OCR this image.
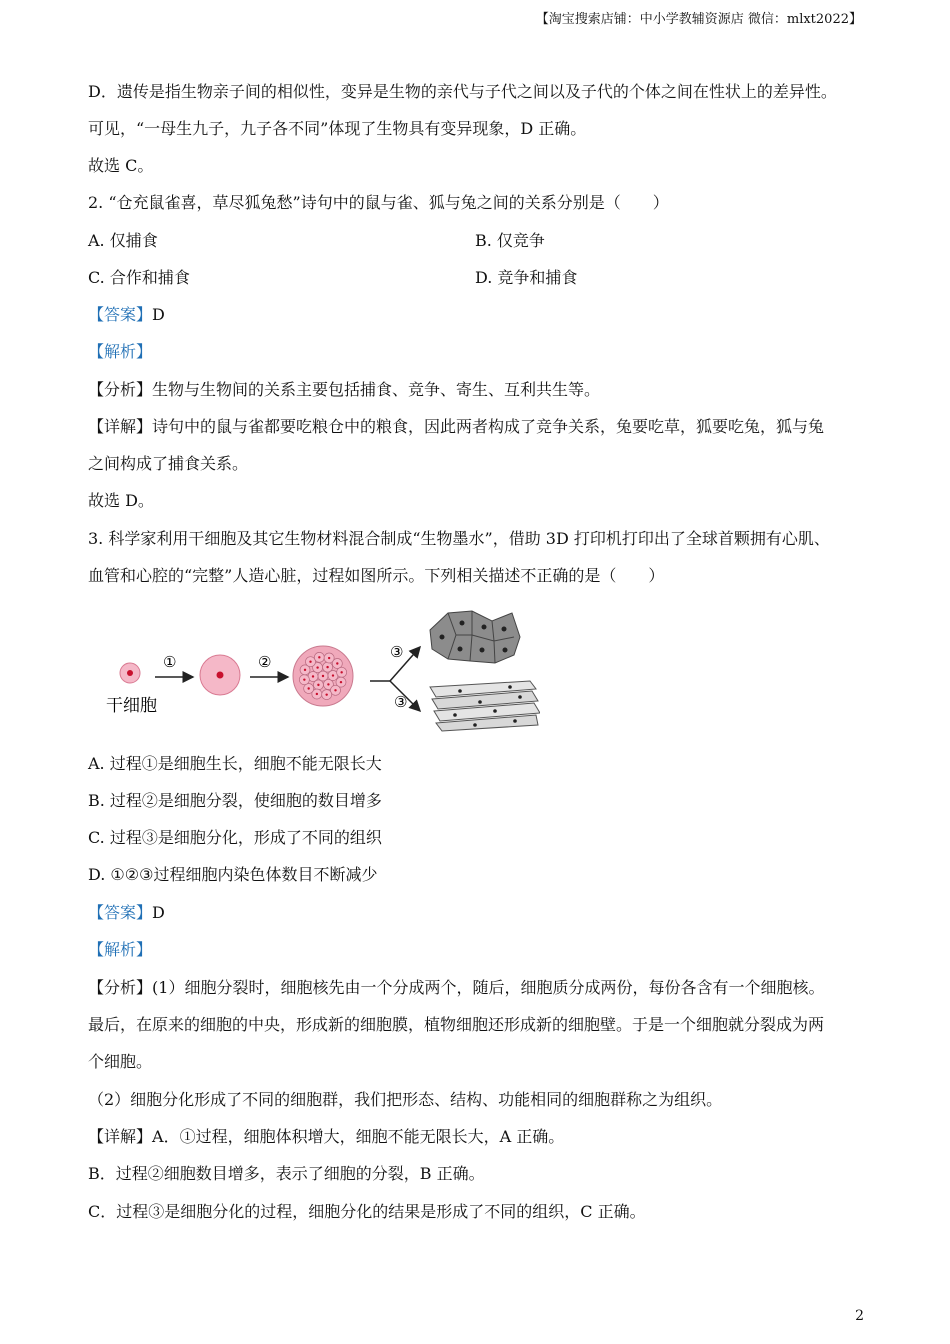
【淘宝搜索店铺：中小学教辅资源店 微信：mlxt2022】
D．遗传是指生物亲子间的相似性，变异是生物的亲代与子代之间以及子代的个体之间在性状上的差异性。
可见，“一母生九子，九子各不同”体现了生物具有变异现象，D 正确。
故选 C。
2. “仓充鼠雀喜，草尽狐兔愁”诗句中的鼠与雀、狐与兔之间的关系分别是（　　）
A. 仅捕食	B. 仅竞争
C. 合作和捕食	D. 竞争和捕食
【答案】D
【解析】
【分析】生物与生物间的关系主要包括捕食、竞争、寄生、互利共生等。
【详解】诗句中的鼠与雀都要吃粮仓中的粮食，因此两者构成了竞争关系，兔要吃草，狐要吃兔，狐与兔
之间构成了捕食关系。
故选 D。
3. 科学家利用干细胞及其它生物材料混合制成“生物墨水”，借助 3D 打印机打印出了全球首颗拥有心肌、
血管和心腔的“完整”人造心脏，过程如图所示。下列相关描述不正确的是（　　）
①	②
③
③
干细胞
A. 过程①是细胞生长，细胞不能无限长大
B. 过程②是细胞分裂，使细胞的数目增多
C. 过程③是细胞分化，形成了不同的组织
D. ①②③过程细胞内染色体数目不断减少
【答案】D
【解析】
【分析】(1）细胞分裂时，细胞核先由一个分成两个，随后，细胞质分成两份，每份各含有一个细胞核。
最后，在原来的细胞的中央，形成新的细胞膜，植物细胞还形成新的细胞壁。于是一个细胞就分裂成为两
个细胞。
（2）细胞分化形成了不同的细胞群，我们把形态、结构、功能相同的细胞群称之为组织。
【详解】A．①过程，细胞体积增大，细胞不能无限长大，A 正确。
B．过程②细胞数目增多，表示了细胞的分裂，B 正确。
C．过程③是细胞分化的过程，细胞分化的结果是形成了不同的组织，C 正确。
2
